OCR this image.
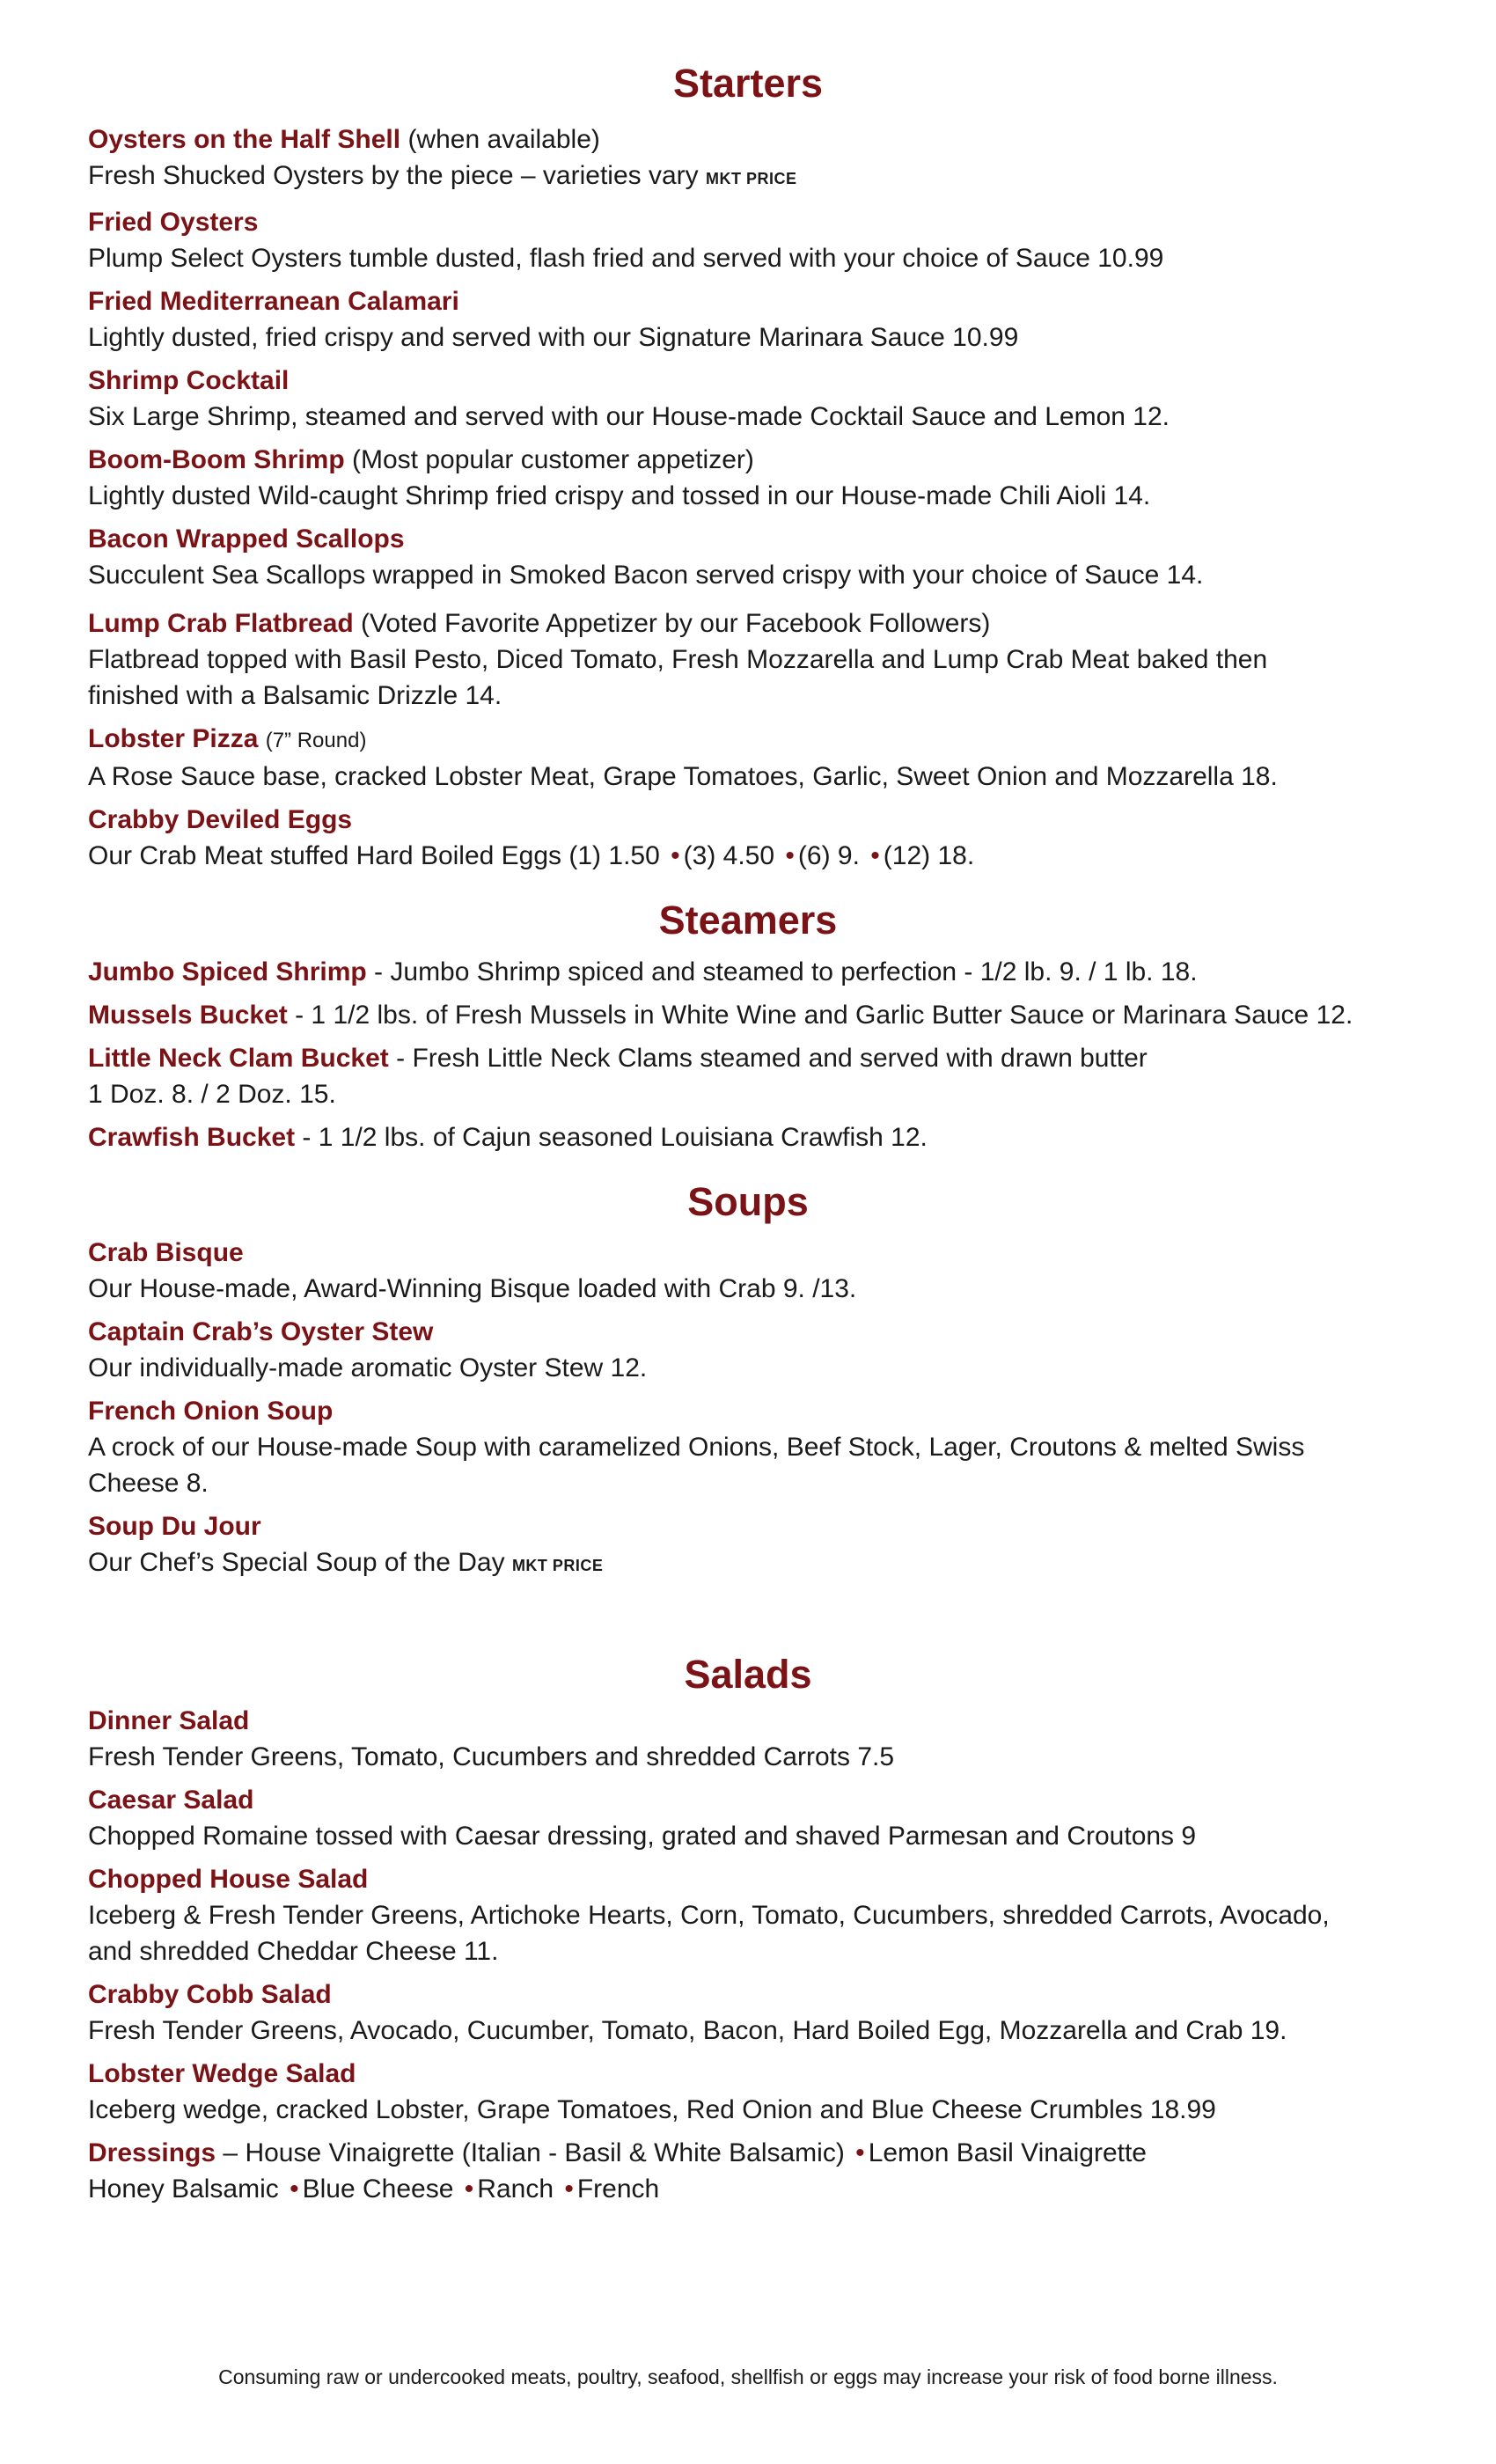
Starters
Oysters on the Half Shell (when available)
Fresh Shucked Oysters by the piece – varieties vary MKT PRICE
Fried Oysters
Plump Select Oysters tumble dusted, flash fried and served with your choice of Sauce 10.99
Fried Mediterranean Calamari
Lightly dusted, fried crispy and served with our Signature Marinara Sauce 10.99
Shrimp Cocktail
Six Large Shrimp, steamed and served with our House-made Cocktail Sauce and Lemon 12.
Boom-Boom Shrimp (Most popular customer appetizer)
Lightly dusted Wild-caught Shrimp fried crispy and tossed in our House-made Chili Aioli 14.
Bacon Wrapped Scallops
Succulent Sea Scallops wrapped in Smoked Bacon served crispy with your choice of Sauce 14.
Lump Crab Flatbread (Voted Favorite Appetizer by our Facebook Followers)
Flatbread topped with Basil Pesto, Diced Tomato, Fresh Mozzarella and Lump Crab Meat baked then
finished with a Balsamic Drizzle 14.
Lobster Pizza (7” Round)
A Rose Sauce base, cracked Lobster Meat, Grape Tomatoes, Garlic, Sweet Onion and Mozzarella 18.
Crabby Deviled Eggs
Our Crab Meat stuffed Hard Boiled Eggs (1) 1.50 • (3) 4.50 • (6) 9. • (12) 18.
Steamers
Jumbo Spiced Shrimp - Jumbo Shrimp spiced and steamed to perfection - 1/2 lb. 9. / 1 lb. 18.
Mussels Bucket - 1 1/2 lbs. of Fresh Mussels in White Wine and Garlic Butter Sauce or Marinara Sauce 12.
Little Neck Clam Bucket - Fresh Little Neck Clams steamed and served with drawn butter
1 Doz. 8. / 2 Doz. 15.
Crawfish Bucket - 1 1/2 lbs. of Cajun seasoned Louisiana Crawfish 12.
Soups
Crab Bisque
Our House-made, Award-Winning Bisque loaded with Crab 9. /13.
Captain Crab’s Oyster Stew
Our individually-made aromatic Oyster Stew 12.
French Onion Soup
A crock of our House-made Soup with caramelized Onions, Beef Stock, Lager, Croutons & melted Swiss
Cheese 8.
Soup Du Jour
Our Chef’s Special Soup of the Day MKT PRICE
Salads
Dinner Salad
Fresh Tender Greens, Tomato, Cucumbers and shredded Carrots 7.5
Caesar Salad
Chopped Romaine tossed with Caesar dressing, grated and shaved Parmesan and Croutons 9
Chopped House Salad
Iceberg & Fresh Tender Greens, Artichoke Hearts, Corn, Tomato, Cucumbers, shredded Carrots, Avocado,
and shredded Cheddar Cheese 11.
Crabby Cobb Salad
Fresh Tender Greens, Avocado, Cucumber, Tomato, Bacon, Hard Boiled Egg, Mozzarella and Crab 19.
Lobster Wedge Salad
Iceberg wedge, cracked Lobster, Grape Tomatoes, Red Onion and Blue Cheese Crumbles 18.99
Dressings – House Vinaigrette (Italian - Basil & White Balsamic) • Lemon Basil Vinaigrette
Honey Balsamic • Blue Cheese • Ranch • French
Consuming raw or undercooked meats, poultry, seafood, shellfish or eggs may increase your risk of food borne illness.
